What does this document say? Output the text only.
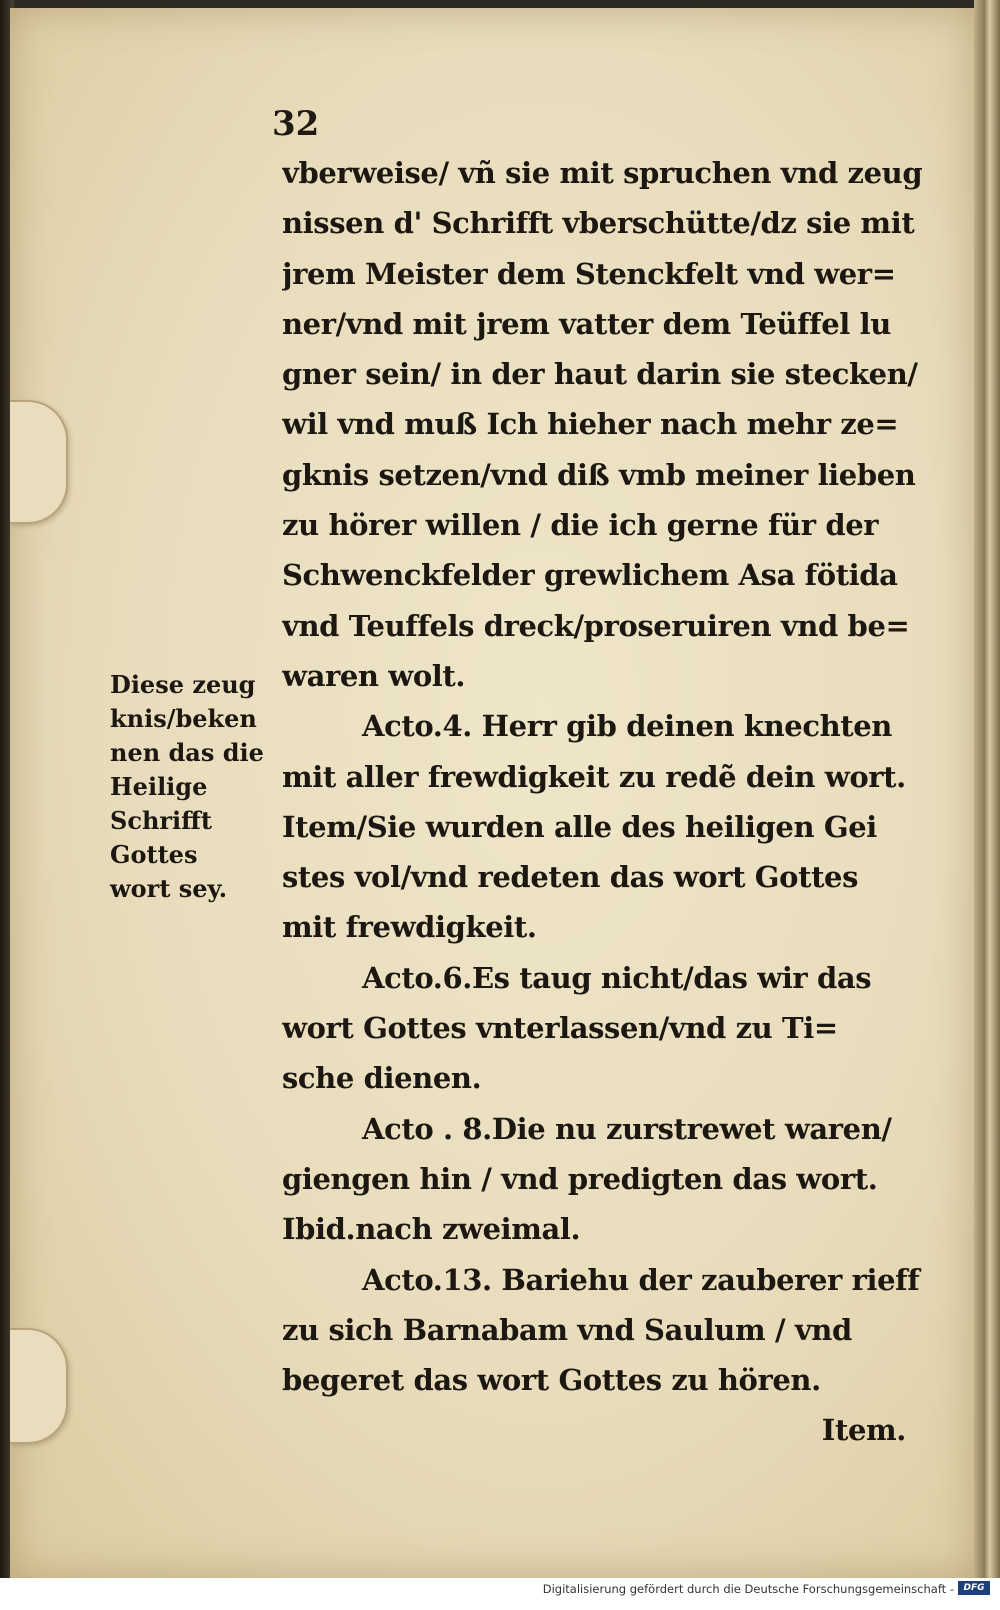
32

vberweise/ vñ sie mit spruchen vnd zeug
nissen d' Schrifft vberschütte/dz sie mit
jrem Meister dem Stenckfelt vnd wer=
ner/vnd mit jrem vatter dem Teüffel lu
gner sein/ in der haut darin sie stecken/
wil vnd muß Ich hieher nach mehr ze=
gknis setzen/vnd diß vmb meiner lieben
zu hörer willen / die ich gerne für der
Schwenckfelder grewlichem Asa fötida
vnd Teuffels dreck/proseruiren vnd be=
waren wolt.
Acto.4. Herr gib deinen knechten
mit aller frewdigkeit zu redẽ dein wort.
Item/Sie wurden alle des heiligen Gei
stes vol/vnd redeten das wort Gottes
mit frewdigkeit.
Acto.6.Es taug nicht/das wir das
wort Gottes vnterlassen/vnd zu Ti=
sche dienen.
Acto . 8.Die nu zurstrewet waren/
giengen hin / vnd predigten das wort.
Ibid.nach zweimal.
Acto.13. Bariehu der zauberer rieff
zu sich Barnabam vnd Saulum / vnd
begeret das wort Gottes zu hören.
Item.
Diese zeug
knis/beken
nen das die
Heilige
Schrifft
Gottes
wort sey.

Digitalisierung gefördert durch die Deutsche Forschungsgemeinschaft -	DFG
